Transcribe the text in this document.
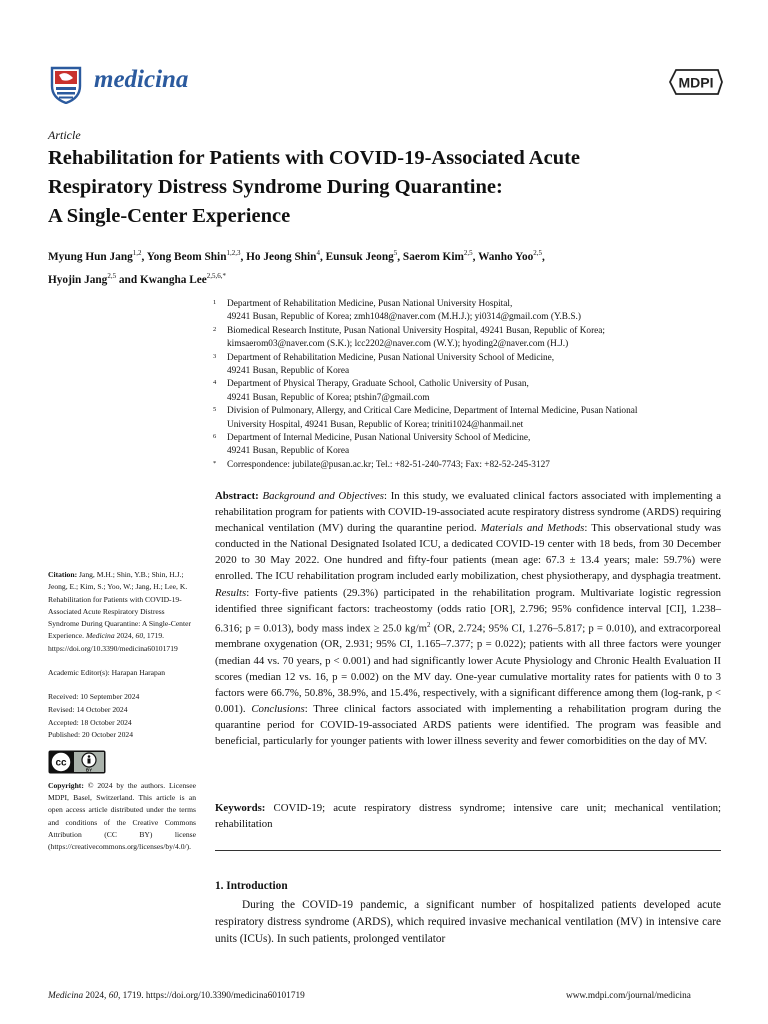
medicina	MDPI
Article
Rehabilitation for Patients with COVID-19-Associated Acute
Respiratory Distress Syndrome During Quarantine:
A Single-Center Experience
Myung Hun Jang$^{1,2}$, Yong Beom Shin$^{1,2,3}$, Ho Jeong Shin$^4$, Eunsuk Jeong$^5$, Saerom Kim$^{2,5}$, Wanho Yoo$^{2,5}$,
Hyojin Jang$^{2,5}$ and Kwangha Lee$^{2,5,6,*}$
1 Department of Rehabilitation Medicine, Pusan National University Hospital,
49241 Busan, Republic of Korea; zmh1048@naver.com (M.H.J.); yi0314@gmail.com (Y.B.S.)
2 Biomedical Research Institute, Pusan National University Hospital, 49241 Busan, Republic of Korea;
kimsaerom03@naver.com (S.K.); lcc2202@naver.com (W.Y.); hyoding2@naver.com (H.J.)
3 Department of Rehabilitation Medicine, Pusan National University School of Medicine,
49241 Busan, Republic of Korea
4 Department of Physical Therapy, Graduate School, Catholic University of Pusan,
49241 Busan, Republic of Korea; ptshin7@gmail.com
5 Division of Pulmonary, Allergy, and Critical Care Medicine, Department of Internal Medicine, Pusan National
University Hospital, 49241 Busan, Republic of Korea; triniti1024@hanmail.net
6 Department of Internal Medicine, Pusan National University School of Medicine,
49241 Busan, Republic of Korea
* Correspondence: jubilate@pusan.ac.kr; Tel.: +82-51-240-7743; Fax: +82-52-245-3127
Abstract: Background and Objectives: In this study, we evaluated clinical factors associated with implementing a rehabilitation program for patients with COVID-19-associated acute respiratory distress syndrome (ARDS) requiring mechanical ventilation (MV) during the quarantine period. Materials and Methods: This observational study was conducted in the National Designated Isolated ICU, a dedicated COVID-19 center with 18 beds, from 30 December 2020 to 30 May 2022. One hundred and fifty-four patients (mean age: 67.3 ± 13.4 years; male: 59.7%) were enrolled. The ICU rehabilitation program included early mobilization, chest physiotherapy, and dysphagia treatment. Results: Forty-five patients (29.3%) participated in the rehabilitation program. Multivariate logistic regression identified three significant factors: tracheostomy (odds ratio [OR], 2.796; 95% confidence interval [CI], 1.238–6.316; p = 0.013), body mass index ≥ 25.0 $kg/m^2$ (OR, 2.724; 95% CI, 1.276–5.817; p = 0.010), and extracorporeal membrane oxygenation (OR, 2.931; 95% CI, 1.165–7.377; p = 0.022); patients with all three factors were younger (median 44 vs. 70 years, p < 0.001) and had significantly lower Acute Physiology and Chronic Health Evaluation II scores (median 12 vs. 16, p = 0.002) on the MV day. One-year cumulative mortality rates for patients with 0 to 3 factors were 66.7%, 50.8%, 38.9%, and 15.4%, respectively, with a significant difference among them (log-rank, p < 0.001). Conclusions: Three clinical factors associated with implementing a rehabilitation program during the quarantine period for COVID-19-associated ARDS patients were identified. The program was feasible and beneficial, particularly for younger patients with lower illness severity and fewer comorbidities on the day of MV.
Keywords: COVID-19; acute respiratory distress syndrome; intensive care unit; mechanical ventilation; rehabilitation
Citation: Jang, M.H.; Shin, Y.B.; Shin, H.J.; Jeong, E.; Kim, S.; Yoo, W.; Jang, H.; Lee, K. Rehabilitation for Patients with COVID-19-Associated Acute Respiratory Distress Syndrome During Quarantine: A Single-Center Experience. Medicina 2024, 60, 1719. https://doi.org/10.3390/medicina60101719
Academic Editor(s): Harapan Harapan
Received: 10 September 2024
Revised: 14 October 2024
Accepted: 18 October 2024
Published: 20 October 2024
cc
BY
Copyright: © 2024 by the authors. Licensee MDPI, Basel, Switzerland. This article is an open access article distributed under the terms and conditions of the Creative Commons Attribution (CC BY) license (https://creativecommons.org/licenses/by/4.0/).
1. Introduction
During the COVID-19 pandemic, a significant number of hospitalized patients developed acute respiratory distress syndrome (ARDS), which required invasive mechanical ventilation (MV) in intensive care units (ICUs). In such patients, prolonged ventilator
Medicina 2024, 60, 1719. https://doi.org/10.3390/medicina60101719	www.mdpi.com/journal/medicina
